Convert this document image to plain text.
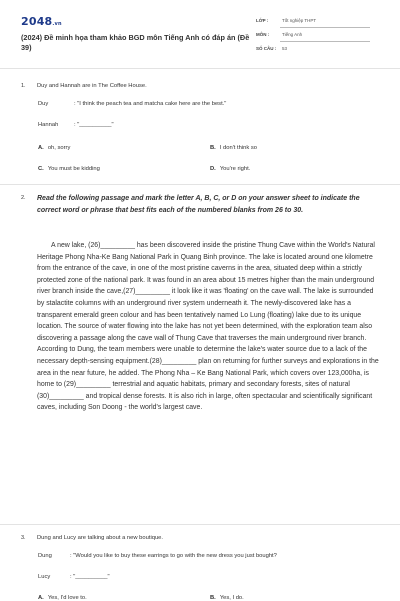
2048.vn
(2024) Đề minh họa tham khảo BGD môn Tiếng Anh có đáp án (Đề 39)
LỚP :	Tốt nghiệp THPT
MÔN :	Tiếng Anh
SỐ CÂU : 53
1. Duy and Hannah are in The Coffee House.
Duy	: "I think the peach tea and matcha cake here are the best."
Hannah	: "__________"
A. oh, sorry	B. I don't think so
C. You must be kidding	D. You're right.
2. Read the following passage and mark the letter A, B, C, or D on your answer sheet to indicate the correct word or phrase that best fits each of the numbered blanks from 26 to 30.
A new lake, (26)_________ has been discovered inside the pristine Thung Cave within the World's Natural Heritage Phong Nha-Ke Bang National Park in Quang Binh province. The lake is located around one kilometre from the entrance of the cave, in one of the most pristine caverns in the area, situated deep within a strictly protected zone of the national park. It was found in an area about 15 metres higher than the main underground river branch inside the cave,(27)_________ it look like it was 'floating' on the cave wall. The lake is surrounded by stalactite columns with an underground river system underneath it. The newly-discovered lake has a transparent emerald green colour and has been tentatively named Lo Lung (floating) lake due to its unique location. The source of water flowing into the lake has not yet been determined, with the exploration team also discovering a passage along the cave wall of Thung Cave that traverses the main underground river branch. According to Dung, the team members were unable to determine the lake's water source due to a lack of the necessary depth-sensing equipment.(28)_________ plan on returning for further surveys and explorations in the area in the near future, he added. The Phong Nha – Ke Bang National Park, which covers over 123,000ha, is home to (29)_________ terrestrial and aquatic habitats, primary and secondary forests, sites of natural (30)_________ and tropical dense forests. It is also rich in large, often spectacular and scientifically significant caves, including Son Doong - the world's largest cave.
3. Dung and Lucy are talking about a new boutique.
Dung	: "Would you like to buy these earrings to go with the new dress you just bought?
Lucy	: "__________"
A. Yes, I'd love to.	B. Yes, I do.
